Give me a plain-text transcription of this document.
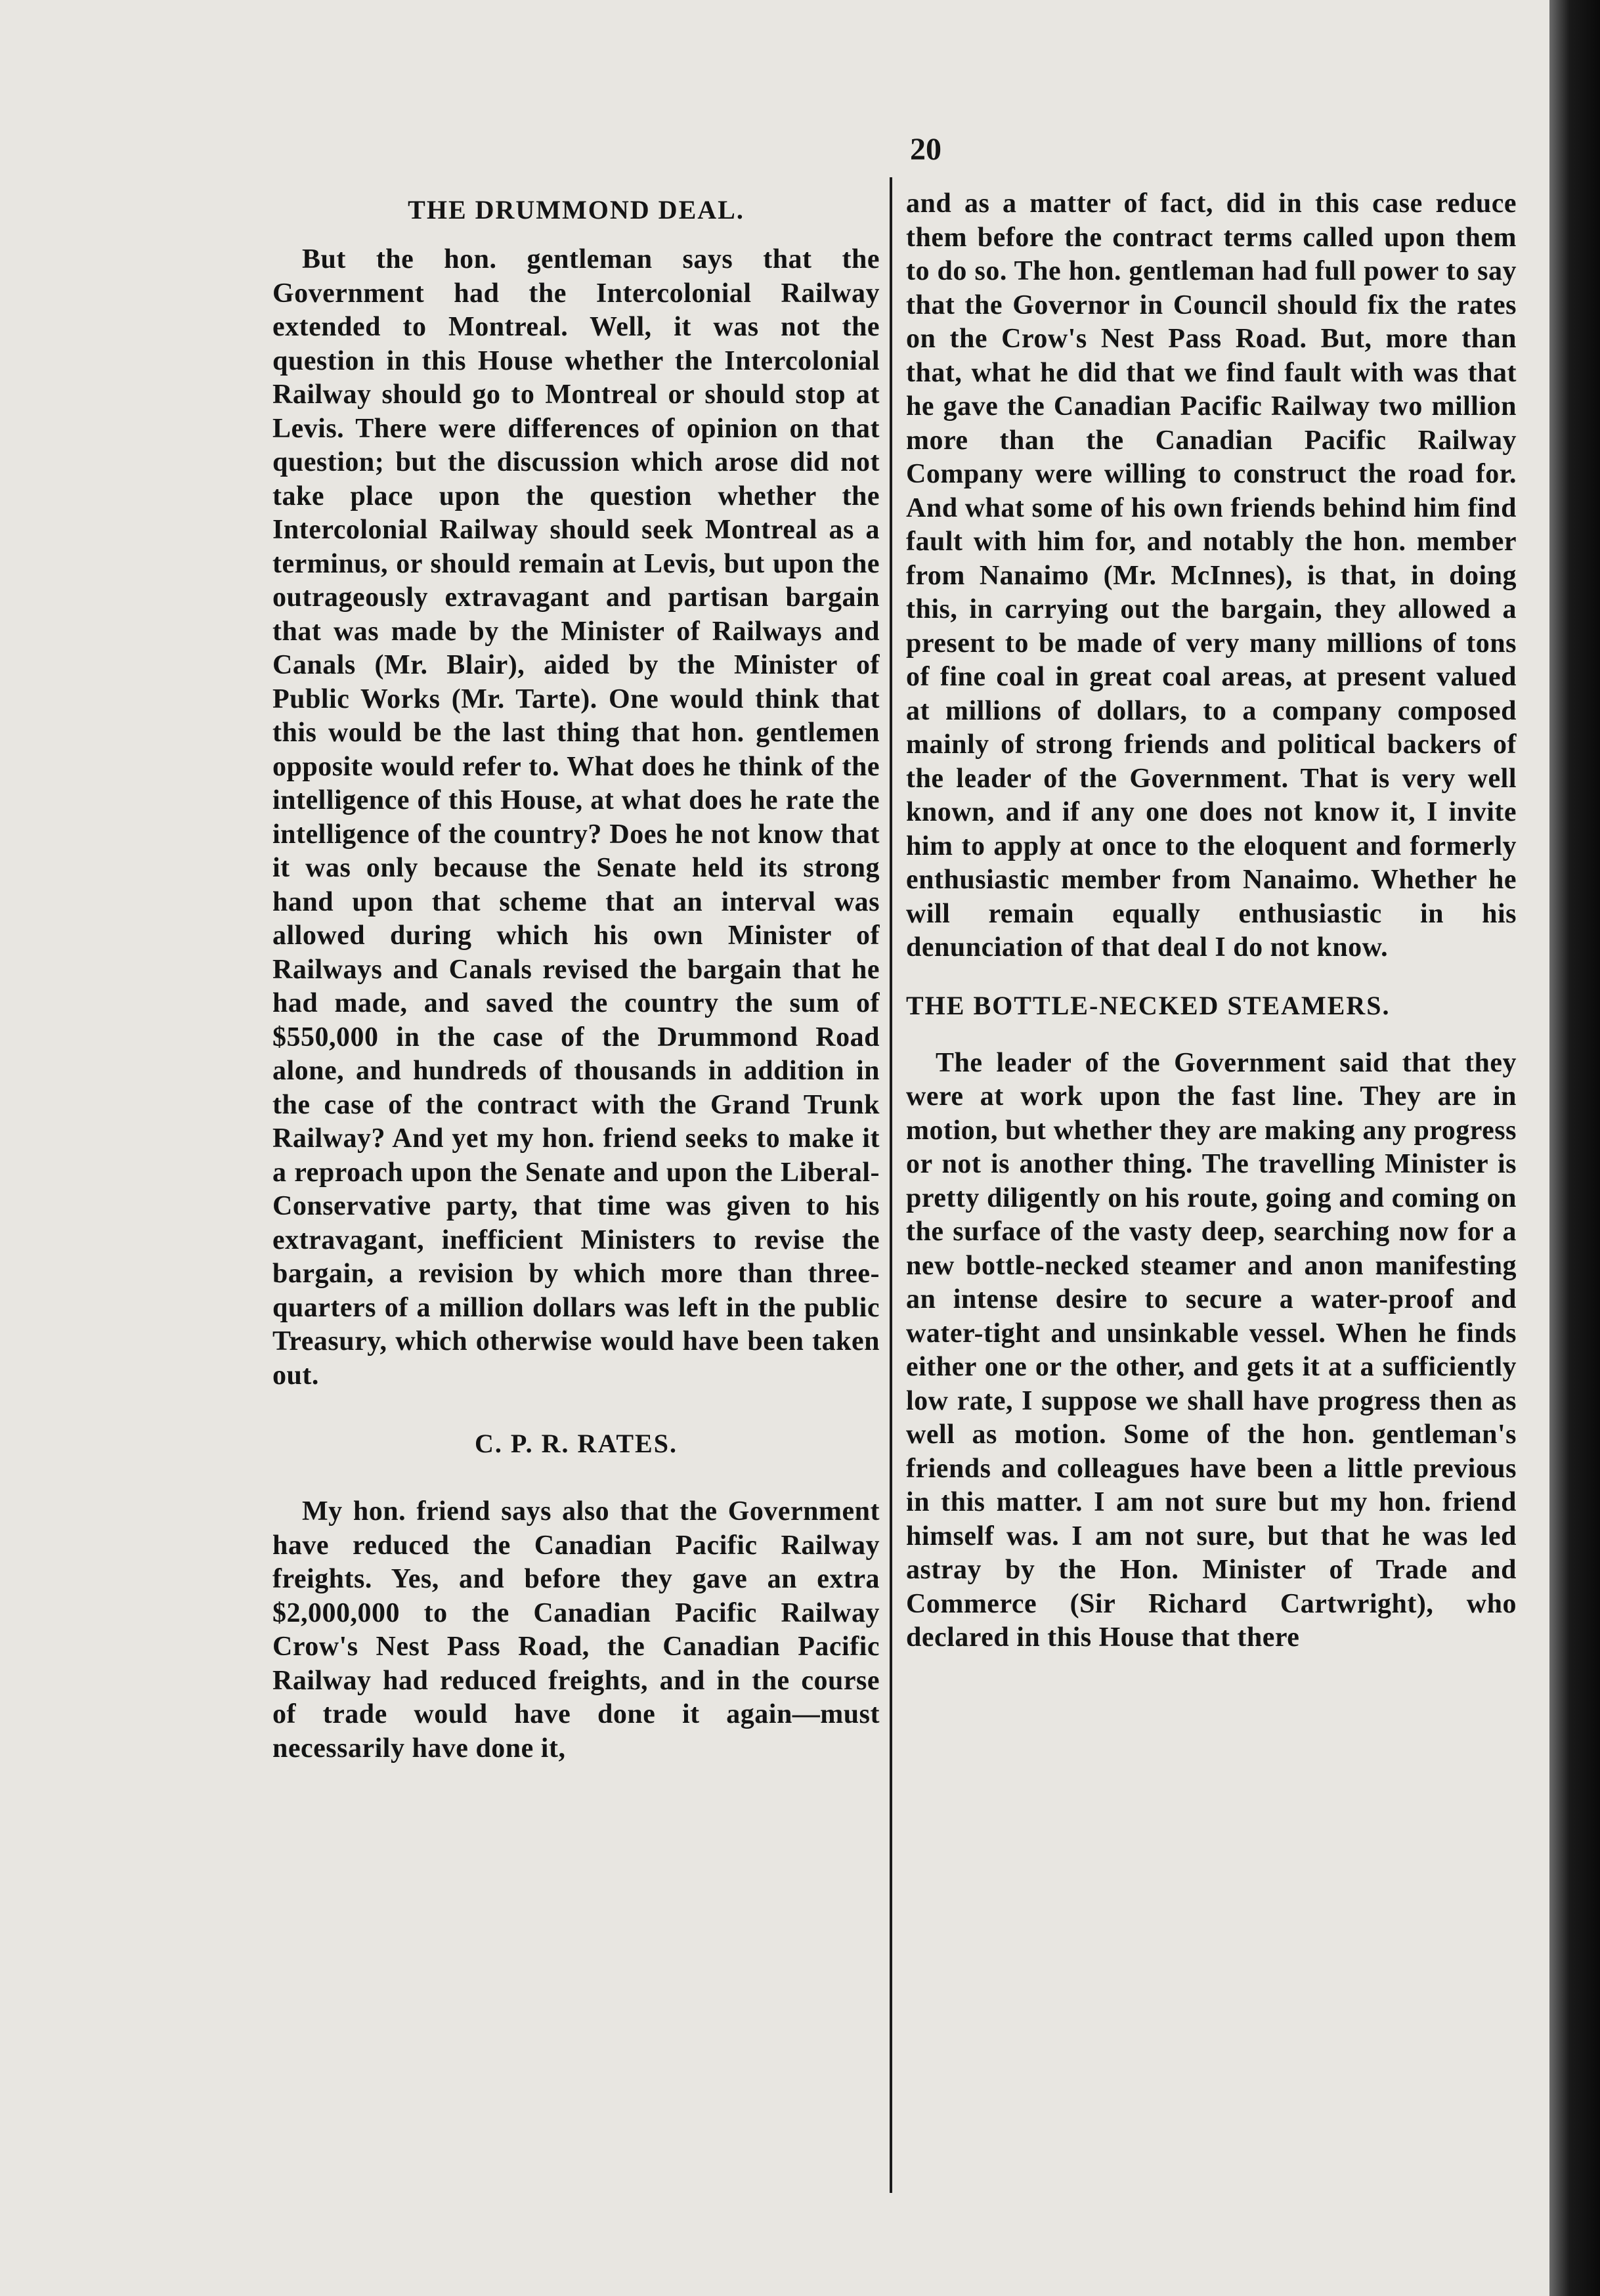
20
THE DRUMMOND DEAL.

But the hon. gentleman says that the Government had the Intercolonial Railway extended to Montreal. Well, it was not the question in this House whether the Intercolonial Railway should go to Montreal or should stop at Levis. There were differences of opinion on that question; but the discussion which arose did not take place upon the question whether the Intercolonial Railway should seek Montreal as a terminus, or should remain at Levis, but upon the outrageously extravagant and partisan bargain that was made by the Minister of Railways and Canals (Mr. Blair), aided by the Minister of Public Works (Mr. Tarte). One would think that this would be the last thing that hon. gentlemen opposite would refer to. What does he think of the intelligence of this House, at what does he rate the intelligence of the country? Does he not know that it was only because the Senate held its strong hand upon that scheme that an interval was allowed during which his own Minister of Railways and Canals revised the bargain that he had made, and saved the country the sum of $550,000 in the case of the Drummond Road alone, and hundreds of thousands in addition in the case of the contract with the Grand Trunk Railway? And yet my hon. friend seeks to make it a reproach upon the Senate and upon the Liberal-Conservative party, that time was given to his extravagant, inefficient Ministers to revise the bargain, a revision by which more than three-quarters of a million dollars was left in the public Treasury, which otherwise would have been taken out.

C. P. R. RATES.

My hon. friend says also that the Government have reduced the Canadian Pacific Railway freights. Yes, and before they gave an extra $2,000,000 to the Canadian Pacific Railway Crow's Nest Pass Road, the Canadian Pacific Railway had reduced freights, and in the course of trade would have done it again—must necessarily have done it,

and as a matter of fact, did in this case reduce them before the contract terms called upon them to do so. The hon. gentleman had full power to say that the Governor in Council should fix the rates on the Crow's Nest Pass Road. But, more than that, what he did that we find fault with was that he gave the Canadian Pacific Railway two million more than the Canadian Pacific Railway Company were willing to construct the road for. And what some of his own friends behind him find fault with him for, and notably the hon. member from Nanaimo (Mr. McInnes), is that, in doing this, in carrying out the bargain, they allowed a present to be made of very many millions of tons of fine coal in great coal areas, at present valued at millions of dollars, to a company composed mainly of strong friends and political backers of the leader of the Government. That is very well known, and if any one does not know it, I invite him to apply at once to the eloquent and formerly enthusiastic member from Nanaimo. Whether he will remain equally enthusiastic in his denunciation of that deal I do not know.

THE BOTTLE-NECKED STEAMERS.

The leader of the Government said that they were at work upon the fast line. They are in motion, but whether they are making any progress or not is another thing. The travelling Minister is pretty diligently on his route, going and coming on the surface of the vasty deep, searching now for a new bottle-necked steamer and anon manifesting an intense desire to secure a water-proof and water-tight and unsinkable vessel. When he finds either one or the other, and gets it at a sufficiently low rate, I suppose we shall have progress then as well as motion. Some of the hon. gentleman's friends and colleagues have been a little previous in this matter. I am not sure but my hon. friend himself was. I am not sure, but that he was led astray by the Hon. Minister of Trade and Commerce (Sir Richard Cartwright), who declared in this House that there
